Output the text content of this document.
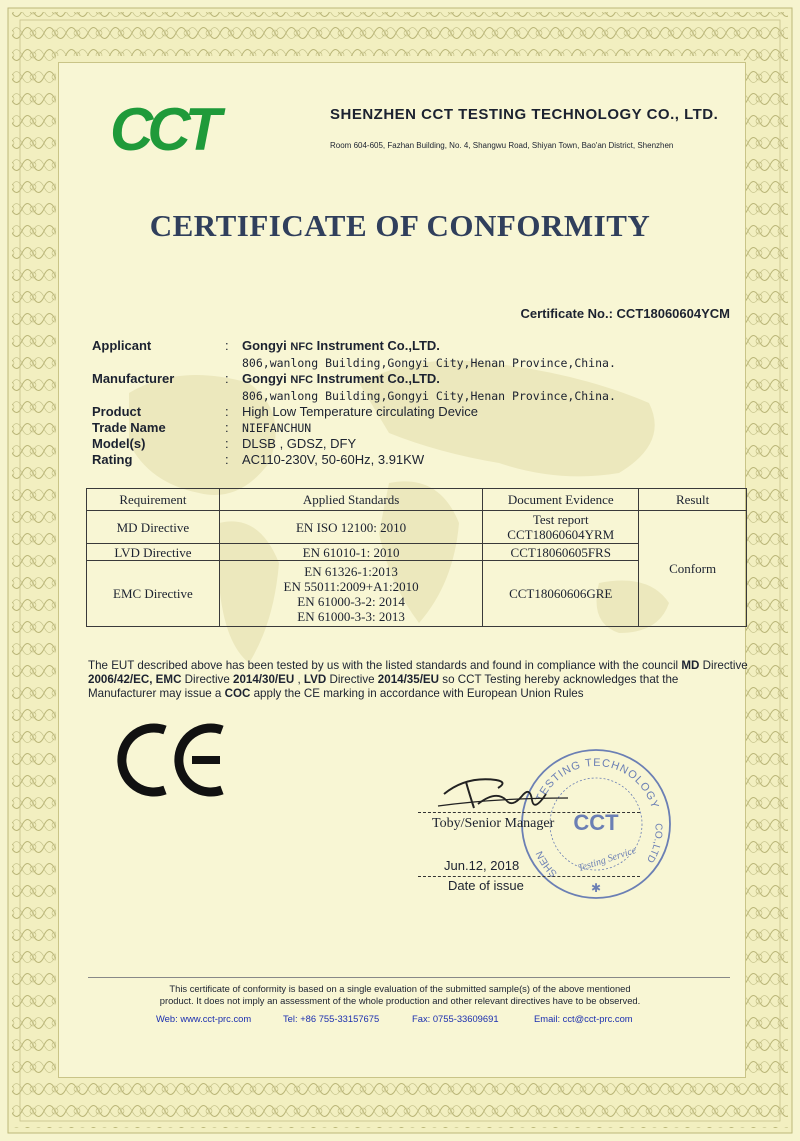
CCT	SHENZHEN CCT TESTING TECHNOLOGY CO., LTD.
Room 604-605, Fazhan Building, No. 4, Shangwu Road, Shiyan Town, Bao'an District, Shenzhen
CERTIFICATE OF CONFORMITY
Certificate No.: CCT18060604YCM
Applicant	: Gongyi NFC Instrument Co.,LTD.
806,wanlong Building,Gongyi City,Henan Province,China.
Manufacturer	: Gongyi NFC Instrument Co.,LTD.
806,wanlong Building,Gongyi City,Henan Province,China.
Product	: High Low Temperature circulating Device
Trade Name	: NIEFANCHUN
Model(s)	: DLSB , GDSZ, DFY
Rating	: AC110-230V, 50-60Hz, 3.91KW
Requirement	Applied Standards	Document Evidence	Result
MD Directive	EN ISO 12100: 2010	Test report
CCT18060604YRM	Conform
LVD Directive	EN 61010-1: 2010	CCT18060605FRS	
EMC Directive	EN 61326-1:2013
EN 55011:2009+A1:2010
EN 61000-3-2: 2014
EN 61000-3-3: 2013	CCT18060606GRE	
The EUT described above has been tested by us with the listed standards and found in compliance with the council MD Directive 2006/42/EC, EMC Directive 2014/30/EU , LVD Directive 2014/35/EU so CCT Testing hereby acknowledges that the Manufacturer may issue a COC apply the CE marking in accordance with European Union Rules
TESTING TECHNOLOGY
SHEN
CO.,LTD
CCT
Testing Service
✱
Toby/Senior Manager
Jun.12, 2018
Date of issue
This certificate of conformity is based on a single evaluation of the submitted sample(s) of the above mentioned
product. It does not imply an assessment of the whole production and other relevant directives have to be observed.
Web: www.cct-prc.com	Tel: +86 755-33157675	Fax: 0755-33609691	Email: cct@cct-prc.com
